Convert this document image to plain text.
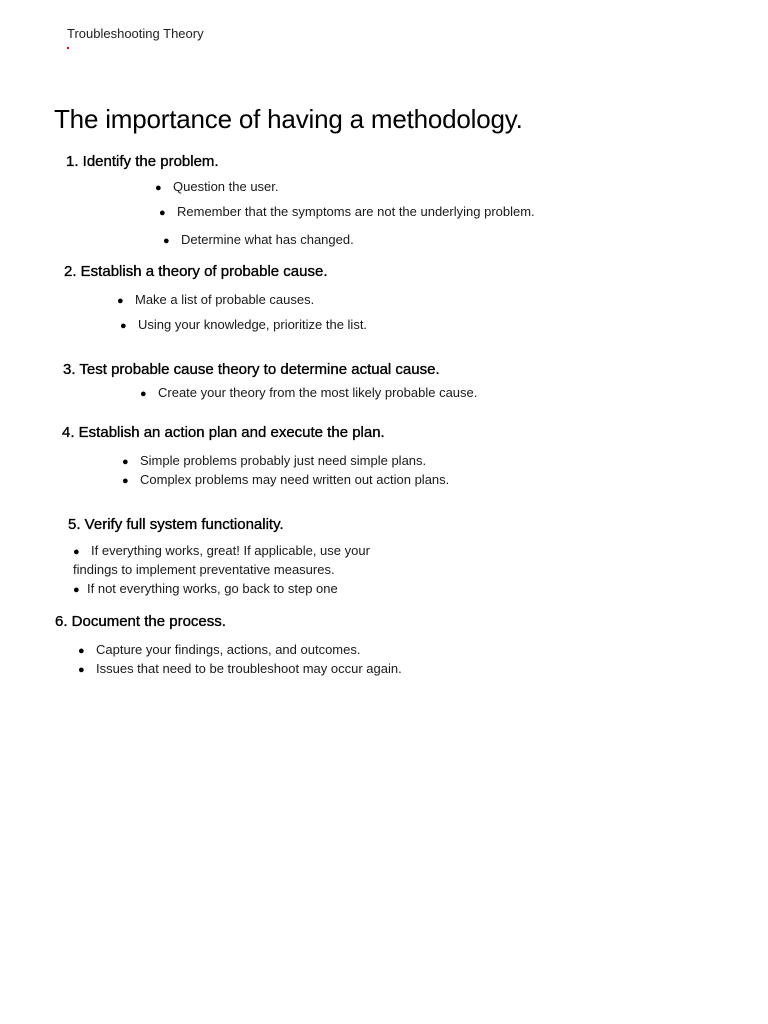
Troubleshooting Theory
The importance of having a methodology.
1. Identify the problem.
● Question the user.
● Remember that the symptoms are not the underlying problem.
● Determine what has changed.
2. Establish a theory of probable cause.
● Make a list of probable causes.
● Using your knowledge, prioritize the list.
3. Test probable cause theory to determine actual cause.
● Create your theory from the most likely probable cause.
4. Establish an action plan and execute the plan.
● Simple problems probably just need simple plans.
● Complex problems may need written out action plans.
5. Verify full system functionality.
● If everything works, great! If applicable, use your
findings to implement preventative measures.
● If not everything works, go back to step one
6. Document the process.
● Capture your findings, actions, and outcomes.
● Issues that need to be troubleshoot may occur again.
